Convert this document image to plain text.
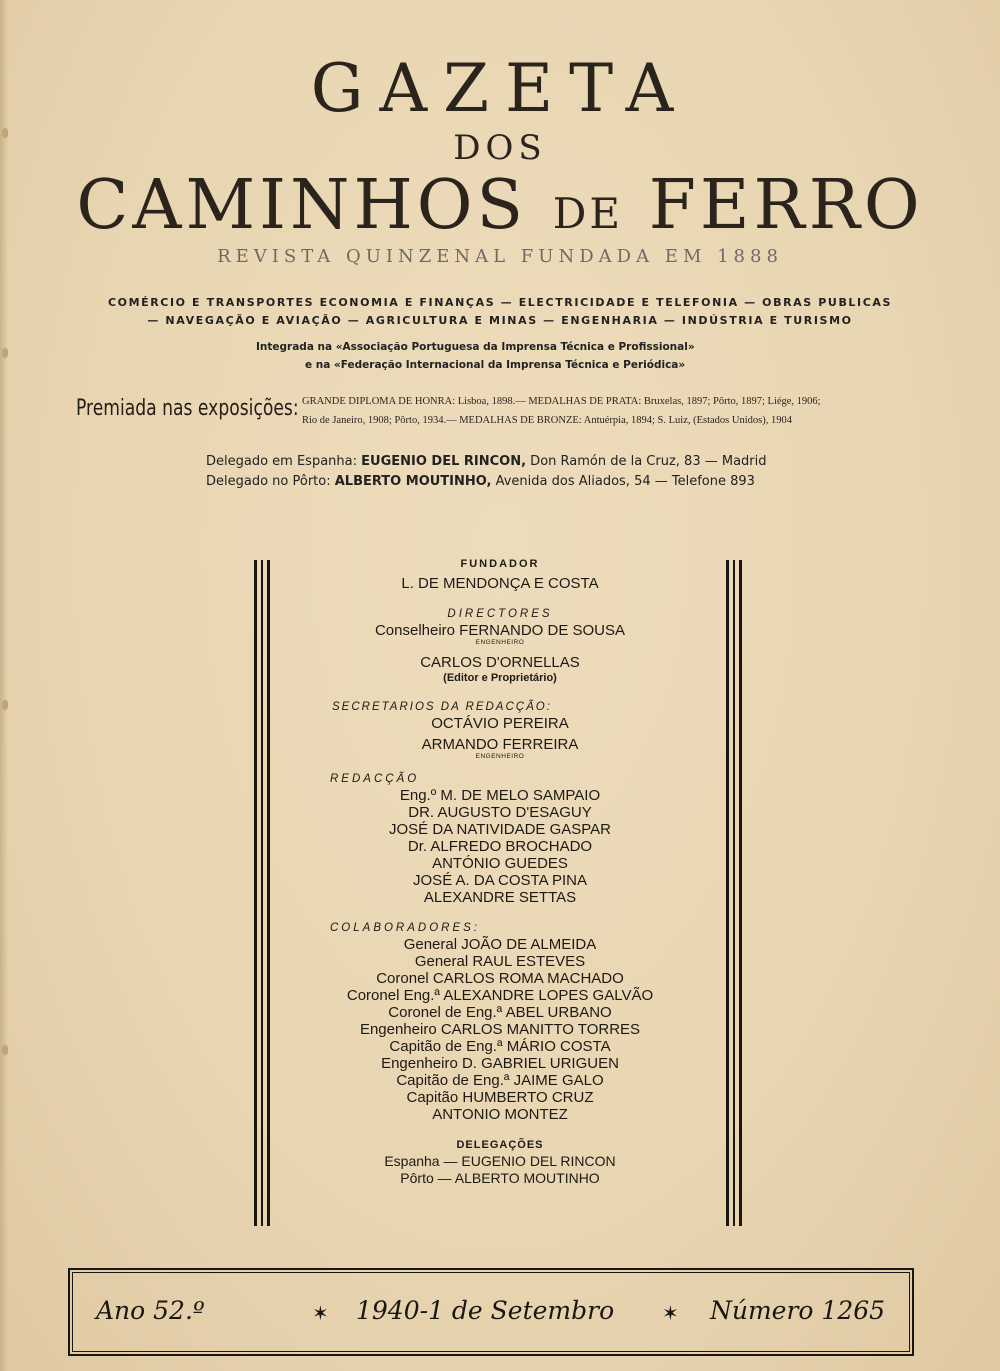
GAZETA
DOS
CAMINHOS DE FERRO
REVISTA QUINZENAL FUNDADA EM 1888
COMÉRCIO E TRANSPORTES ECONOMIA E FINANÇAS — ELECTRICIDADE E TELEFONIA — OBRAS PUBLICAS
— NAVEGAÇÃO E AVIAÇÃO — AGRICULTURA E MINAS — ENGENHARIA — INDÚSTRIA E TURISMO
Integrada na «Associação Portuguesa da Imprensa Técnica e Profissional»
e na «Federação Internacional da Imprensa Técnica e Periódica»
Premiada nas exposições: GRANDE DIPLOMA DE HONRA: Lisboa, 1898.— MEDALHAS DE PRATA: Bruxelas, 1897; Pôrto, 1897; Liége, 1906;
Rio de Janeiro, 1908; Pôrto, 1934.— MEDALHAS DE BRONZE: Antuérpia, 1894; S. Luiz, (Estados Unidos), 1904
Delegado em Espanha: EUGENIO DEL RINCON, Don Ramón de la Cruz, 83 — Madrid
Delegado no Pôrto: ALBERTO MOUTINHO, Avenida dos Aliados, 54 — Telefone 893
FUNDADOR
L. DE MENDONÇA E COSTA
DIRECTORES
Conselheiro FERNANDO DE SOUSA
ENGENHEIRO
CARLOS D'ORNELLAS
(Editor e Proprietário)
SECRETARIOS DA REDACÇÃO:
OCTÁVIO PEREIRA
ARMANDO FERREIRA
ENGENHEIRO
REDACÇÃO
Eng.º M. DE MELO SAMPAIO
DR. AUGUSTO D'ESAGUY
JOSÉ DA NATIVIDADE GASPAR
Dr. ALFREDO BROCHADO
ANTÓNIO GUEDES
JOSÉ A. DA COSTA PINA
ALEXANDRE SETTAS
COLABORADORES:
General JOÃO DE ALMEIDA
General RAUL ESTEVES
Coronel CARLOS ROMA MACHADO
Coronel Eng.ª ALEXANDRE LOPES GALVÃO
Coronel de Eng.ª ABEL URBANO
Engenheiro CARLOS MANITTO TORRES
Capitão de Eng.ª MÁRIO COSTA
Engenheiro D. GABRIEL URIGUEN
Capitão de Eng.ª JAIME GALO
Capitão HUMBERTO CRUZ
ANTONIO MONTEZ
DELEGAÇÕES
Espanha — EUGENIO DEL RINCON
Pôrto — ALBERTO MOUTINHO
Ano 52.º	✶ 1940-1 de Setembro ✶ Número 1265
